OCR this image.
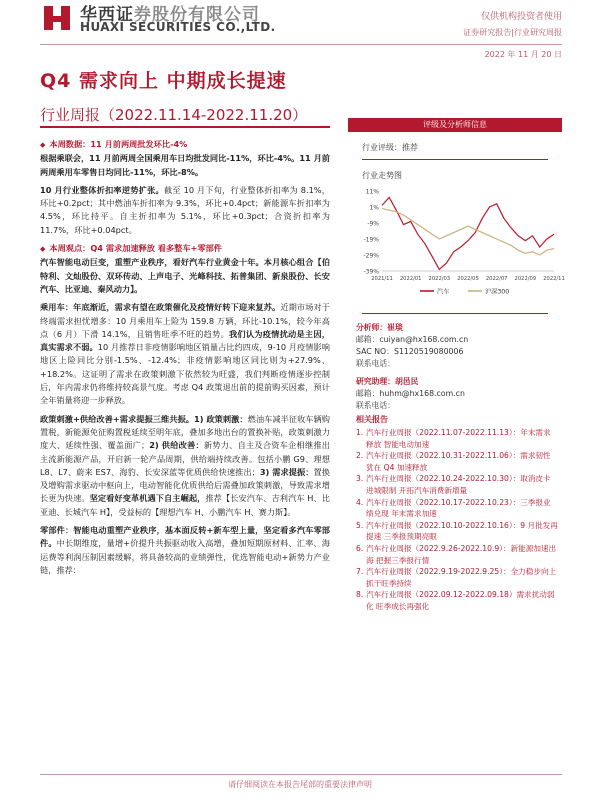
华西证券股份有限公司
HUAXI SECURITIES CO.,LTD.
仅供机构投资者使用
证券研究报告|行业研究周报
2022 年 11 月 20 日
Q4 需求向上 中期成长提速
行业周报（2022.11.14-2022.11.20）

◆ 本周数据：11 月前两周批发环比-4%

根据乘联会，11 月前两周全国乘用车日均批发同比-11%，环比-4%。11 月前两周乘用车零售日均同比-11%，环比-8%。

10 月行业整体折扣率逆势扩张。截至 10 月下旬，行业整体折扣率为 8.1%，环比+0.2pct；其中燃油车折扣率为 9.3%，环比+0.4pct；新能源车折扣率为 4.5%，环比持平。自主折扣率为 5.1%，环比+0.3pct；合资折扣率为 11.7%，环比+0.04pct。

◆ 本周观点：Q4 需求加速释放 看多整车+零部件

汽车智能电动巨变，重塑产业秩序，看好汽车行业黄金十年。本月核心组合【伯特利、文灿股份、双环传动、上声电子、光峰科技、拓普集团、新泉股份、长安汽车、比亚迪、秦风动力】。

乘用车：年底渐近，需求有望在政策催化及疫情好转下迎来复苏。近期市场对于终端需求担忧增多：10 月乘用车上险为 159.8 万辆，环比-10.1%，较今年高点（6 月）下滑 14.1%，且销售旺季不旺的趋势。我们认为疫情扰动是主因，真实需求不弱。10 月推荐日非疫情影响地区销量占比约四成，9-10 月疫情影响地区上险同比分别-1.5%、-12.4%；非疫情影响地区同比则为+27.9%、+18.2%。这证明了需求在政策刺激下依然较为旺盛，我们判断疫情逐步控制后，年内需求仍将维持较高景气度。考虑 Q4 政策退出前的提前购买因素，预计全年销量将迎一步释放。

政策刺激+供给改善+需求提振三维共振。1) 政策刺激：燃油车减半征收车辆购置税，新能源免征购置税延续至明年底，叠加多地出台的置换补贴，政策刺激力度大、延续性强、覆盖面广；2) 供给改善：新势力、自主及合资车企相继推出主流新能源产品，开启新一轮产品周期，供给端持续改善。包括小鹏 G9、理想 L8、L7、蔚来 ES7、海豹、长安深蓝等优质供给快速推出；3) 需求提振：置换及增购需求驱动中枢向上，电动智能化优质供给后需叠加政策刺激，导致需求增长更为快速。坚定看好变革机遇下自主崛起，推荐【长安汽车、吉利汽车 H、比亚迪、长城汽车 H】，受益标的【理想汽车 H、小鹏汽车 H、赛力斯】。

零部件：智能电动重塑产业秩序，基本面反转+新车型上量，坚定看多汽车零部件。中长期维度，量增+价提升共振驱动收入高增，叠加短期原材料、汇率、海运费等利润压制因素缓解，将具备较高的业绩弹性，优选智能电动+新势力产业链，推荐：

评级及分析师信息
行业评级：推荐
行业走势图
11%
1%
-9%
-19%
-29%
-39%
2021/11 2022/01 2022/03 2022/05 2022/07 2022/09 2022/11
汽车	沪深300
分析师：崔琰
邮箱：cuiyan@hx168.com.cn
SAC NO：S1120519080006
联系电话：
研究助理：胡邑民
邮箱：huhm@hx168.com.cn
联系电话：
相关报告
1. 汽车行业周报（2022.11.07-2022.11.13）：年末需求释放 智能电动加速
2. 汽车行业周报（2022.10.31-2022.11.06）：需求韧性犹在 Q4 加速释放
3. 汽车行业周报（2022.10.24-2022.10.30）：取消皮卡进城限制 开拓汽车消费新增量
4. 汽车行业周报（2022.10.17-2022.10.23）：三季报业绩兑现 年末需求加速
5. 汽车行业周报（2022.10.10-2022.10.16）：9 月批发再提速 三季报预期亮眼
6. 汽车行业周报（2022.9.26-2022.10.9）：新能源加速出海 把握三季报行情
7. 汽车行业周报（2022.9.19-2022.9.25）：全力稳步向上 抓干旺季持续
8. 汽车行业周报（2022.09.12-2022.09.18）需求扰动弱化 旺季成长再强化
请仔细阅读在本报告尾部的重要法律声明
